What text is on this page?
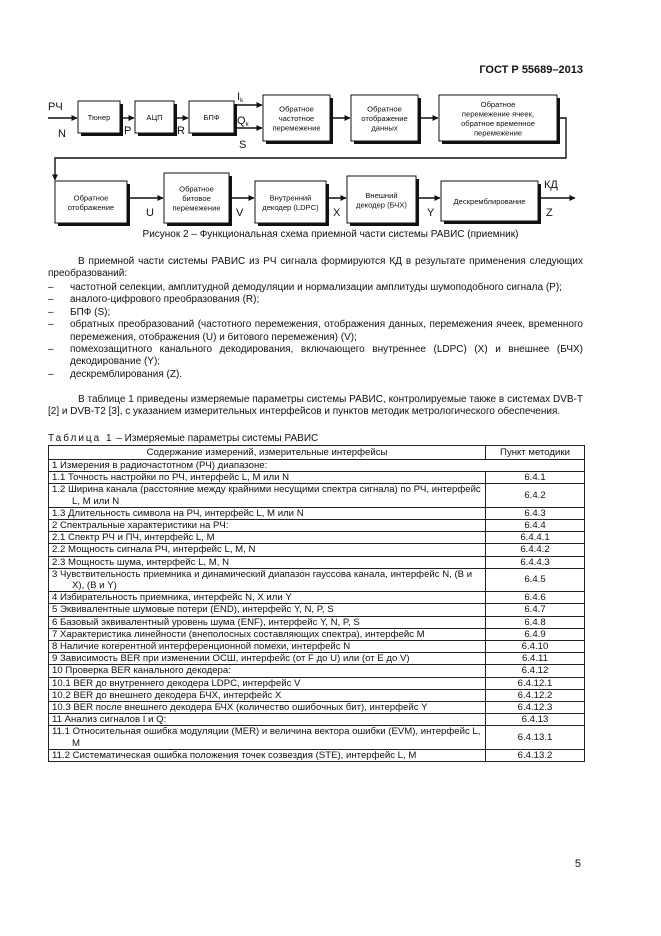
ГОСТ Р 55689–2013
Тюнер	АЦП	БПФ
Обратное
частотное
перемежение
Обратное
отображение
данных
Обратное
перемежение ячеек,
обратное временное
перемежение
Обратное
отображение
Обратное
битовое
перемежение
Внутренний
декодер (LDPC)
Внешний
декодер (БЧХ)	Дескремблирование
РЧ
N	P	R
Ik
Qk
S
U	V	X	Y
КД
Z
Рисунок 2 – Функциональная схема приемной части системы РАВИС (приемник)
В приемной части системы РАВИС из РЧ сигнала формируются КД в результате применения следующих преобразований:
– частотной селекции, амплитудной демодуляции и нормализации амплитуды шумоподобного сигнала (P);
– аналого-цифрового преобразования (R);
– БПФ (S);
– обратных преобразований (частотного перемежения, отображения данных, перемежения ячеек, временного перемежения, отображения (U) и битового перемежения) (V);
– помехозащитного канального декодирования, включающего внутреннее (LDPC) (X) и внешнее (БЧХ) декодирование (Y);
– дескремблирования (Z).
В таблице 1 приведены измеряемые параметры системы РАВИС, контролируемые также в системах DVB-T [2] и DVB-T2 [3], с указанием измерительных интерфейсов и пунктов методик метрологического обеспечения.
Таблица 1 – Измеряемые параметры системы РАВИС
Содержание измерений, измерительные интерфейсы	Пункт методики

1 Измерения в радиочастотном (РЧ) диапазоне:	

1.1 Точность настройки по РЧ, интерфейс L, M или N	6.4.1

1.2 Ширина канала (расстояние между крайними несущими спектра сигнала) по РЧ, интерфейс L, M или N	6.4.2

1.3 Длительность символа на РЧ, интерфейс L, M или N	6.4.3

2 Спектральные характеристики на РЧ:	6.4.4

2.1 Спектр РЧ и ПЧ, интерфейс L, M	6.4.4.1

2.2 Мощность сигнала РЧ, интерфейс L, M, N	6.4.4.2

2.3 Мощность шума, интерфейс L, M, N	6.4.4.3

3 Чувствительность приемника и динамический диапазон гауссова канала, интерфейс N, (В и X), (В и Y)	6.4.5

4 Избирательность приемника, интерфейс N, X или Y	6.4.6

5 Эквивалентные шумовые потери (END), интерфейс Y, N, P, S	6.4.7

6 Базовый эквивалентный уровень шума (ENF), интерфейс Y, N, P, S	6.4.8

7 Характеристика линейности (внеполосных составляющих спектра), интерфейс M	6.4.9

8 Наличие когерентной интерференционной помехи, интерфейс N	6.4.10

9 Зависимость BER при изменении ОСШ, интерфейс (от F до U) или (от E до V)	6.4.11

10 Проверка BER канального декодера:	6.4.12

10.1 BER до внутреннего декодера LDPC, интерфейс V	6.4.12.1

10.2 BER до внешнего декодера БЧХ, интерфейс X	6.4.12.2

10.3 BER после внешнего декодера БЧХ (количество ошибочных бит), интерфейс Y	6.4.12.3

11 Анализ сигналов I и Q:	6.4.13

11.1 Относительная ошибка модуляции (MER) и величина вектора ошибки (EVM), интерфейс L, M	6.4.13.1

11.2 Систематическая ошибка положения точек созвездия (STE), интерфейс L, M	6.4.13.2
5
